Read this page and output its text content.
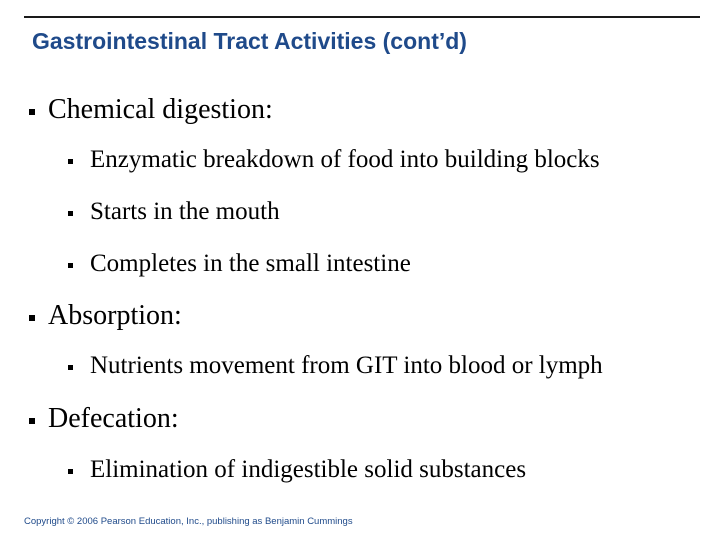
Gastrointestinal Tract Activities (cont’d)
Chemical digestion:
Enzymatic breakdown of food into building blocks
Starts in the mouth
Completes in the small intestine
Absorption:
Nutrients movement from GIT into blood or lymph
Defecation:
Elimination of indigestible solid substances
Copyright © 2006 Pearson Education, Inc., publishing as Benjamin Cummings
